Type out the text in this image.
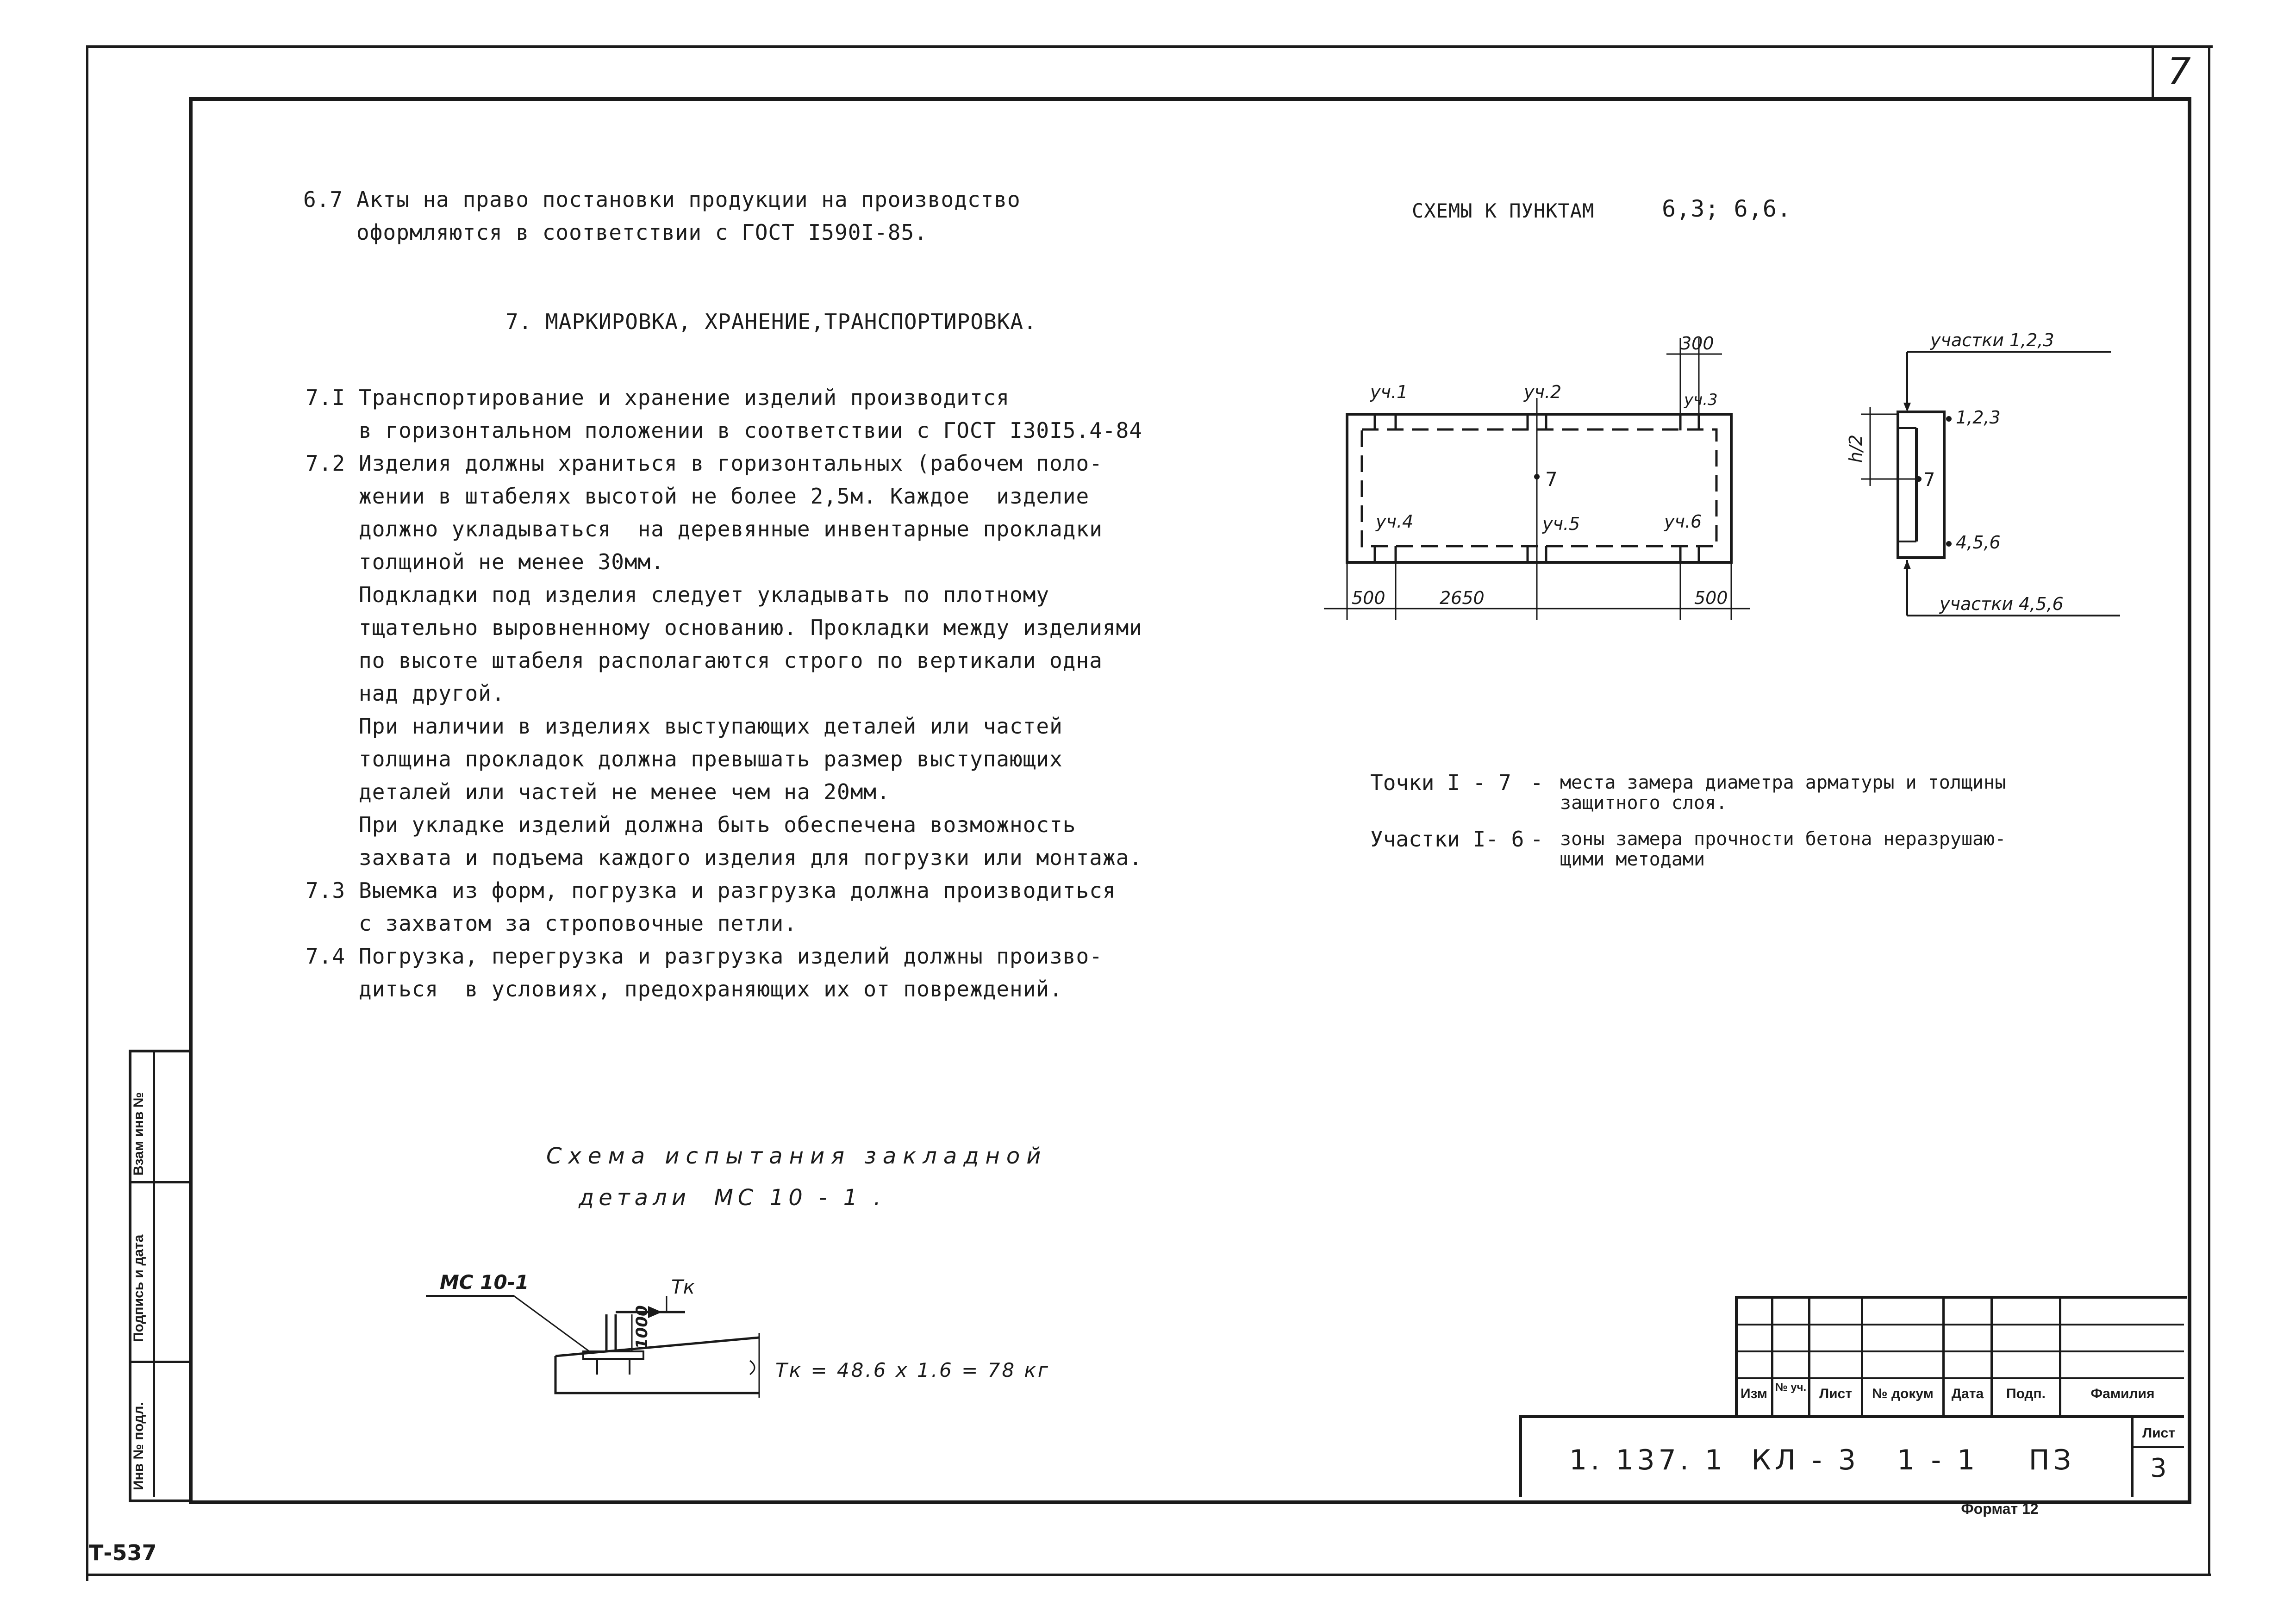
7
Взам инв №
Подпись и дата
Инв № подл.
6.7 Акты на право постановки продукции на производство
оформляются в соответствии с ГОСТ I590I-85.
7. МАРКИРОВКА, ХРАНЕНИЕ,ТРАНСПОРТИРОВКА.
7.I Транспортирование и хранение изделий производится
в горизонтальном положении в соответствии с ГОСТ I30I5.4-84
7.2 Изделия должны храниться в горизонтальных (рабочем поло-
жении в штабелях высотой не более 2,5м. Каждое  изделие
должно укладываться  на деревянные инвентарные прокладки
толщиной не менее 30мм.
Подкладки под изделия следует укладывать по плотному
тщательно выровненному основанию. Прокладки между изделиями
по высоте штабеля располагаются строго по вертикали одна
над другой.
При наличии в изделиях выступающих деталей или частей
толщина прокладок должна превышать размер выступающих
деталей или частей не менее чем на 20мм.
При укладке изделий должна быть обеспечена возможность
захвата и подъема каждого изделия для погрузки или монтажа.
7.3 Выемка из форм, погрузка и разгрузка должна производиться
с захватом за строповочные петли.
7.4 Погрузка, перегрузка и разгрузка изделий должны произво-
диться  в условиях, предохраняющих их от повреждений.
СХЕМЫ К ПУНКТАМ	6,3; 6,6.
уч.1	уч.2	уч.3
уч.4	уч.5	уч.6
7
300
500	2650	500
участки 1,2,3
1,2,3
7
4,5,6
h/2
участки 4,5,6
Точки I - 7 - места замера диаметра арматуры и толщины
защитного слоя.
Участки I- 6 - зоны замера прочности бетона неразрушаю-
щими методами
Схема испытания закладной
детали  МС 10 - 1 .
МС 10-1	Тк
1000
Тк = 48.6 х 1.6 = 78 кг
Изм № уч. Лист	№ докум	Дата	Подп.	Фамилия
1. 137. 1  КЛ - 3   1 - 1    ПЗ
Лист
3
Формат 12
Т-537
